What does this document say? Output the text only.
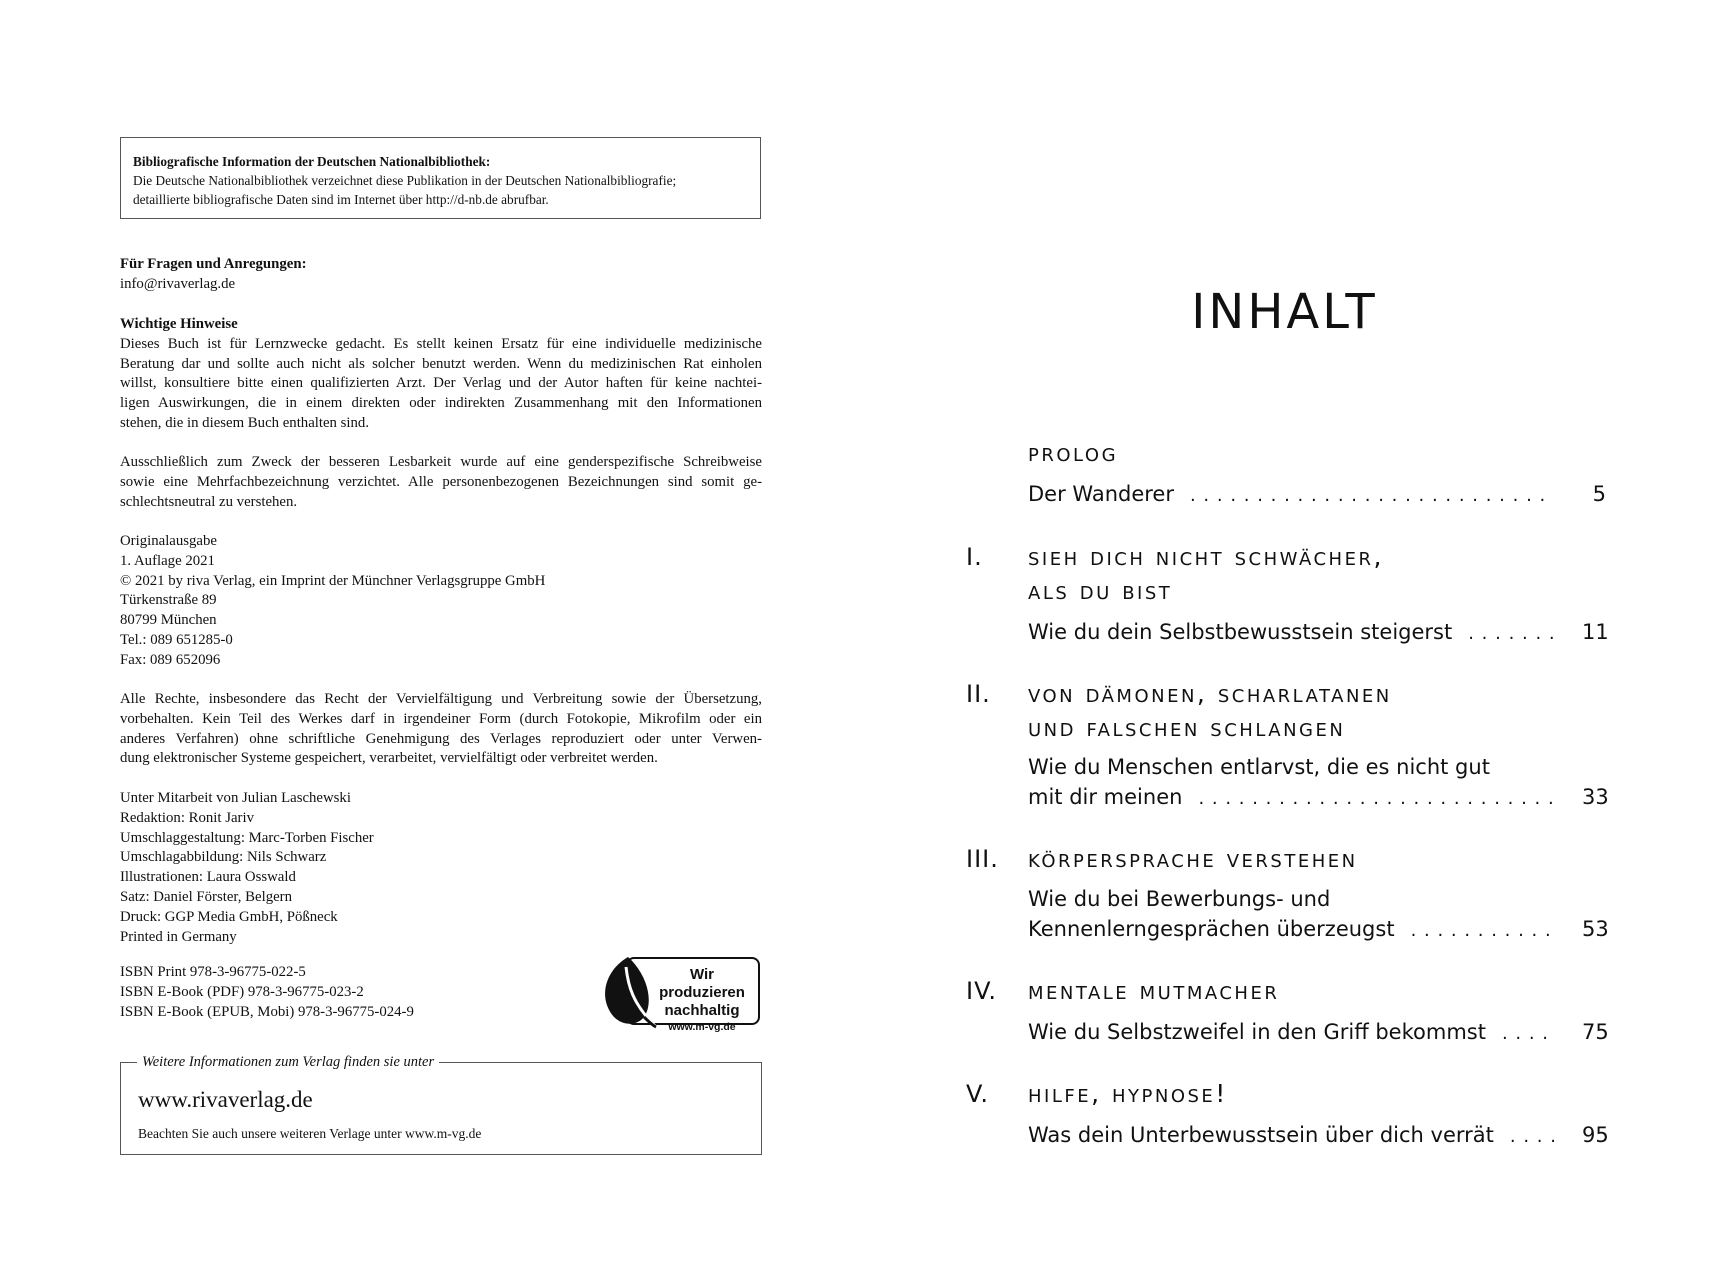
Bibliografische Information der Deutschen Nationalbibliothek:
Die Deutsche Nationalbibliothek verzeichnet diese Publikation in der Deutschen Nationalbibliografie;
detaillierte bibliografische Daten sind im Internet über http://d-nb.de abrufbar.
Für Fragen und Anregungen:
info@rivaverlag.de
Wichtige Hinweise
Dieses Buch ist für Lernzwecke gedacht. Es stellt keinen Ersatz für eine individuelle medizinische
Beratung dar und sollte auch nicht als solcher benutzt werden. Wenn du medizinischen Rat einholen
willst, konsultiere bitte einen qualifizierten Arzt. Der Verlag und der Autor haften für keine nachtei-
ligen Auswirkungen, die in einem direkten oder indirekten Zusammenhang mit den Informationen
stehen, die in diesem Buch enthalten sind.
Ausschließlich zum Zweck der besseren Lesbarkeit wurde auf eine genderspezifische Schreibweise
sowie eine Mehrfachbezeichnung verzichtet. Alle personenbezogenen Bezeichnungen sind somit ge-
schlechtsneutral zu verstehen.
Originalausgabe
1. Auflage 2021
© 2021 by riva Verlag, ein Imprint der Münchner Verlagsgruppe GmbH
Türkenstraße 89
80799 München
Tel.: 089 651285-0
Fax: 089 652096
Alle Rechte, insbesondere das Recht der Vervielfältigung und Verbreitung sowie der Übersetzung,
vorbehalten. Kein Teil des Werkes darf in irgendeiner Form (durch Fotokopie, Mikrofilm oder ein
anderes Verfahren) ohne schriftliche Genehmigung des Verlages reproduziert oder unter Verwen-
dung elektronischer Systeme gespeichert, verarbeitet, vervielfältigt oder verbreitet werden.
Unter Mitarbeit von Julian Laschewski
Redaktion: Ronit Jariv
Umschlaggestaltung: Marc-Torben Fischer
Umschlagabbildung: Nils Schwarz
Illustrationen: Laura Osswald
Satz: Daniel Förster, Belgern
Druck: GGP Media GmbH, Pößneck
Printed in Germany
ISBN Print 978-3-96775-022-5
ISBN E-Book (PDF) 978-3-96775-023-2
ISBN E-Book (EPUB, Mobi) 978-3-96775-024-9
Wir produzieren
nachhaltig
www.m-vg.de
Weitere Informationen zum Verlag finden sie unter
www.rivaverlag.de
Beachten Sie auch unsere weiteren Verlage unter www.m-vg.de
INHALT
prolog
Der Wanderer . . .	5
I. sieh dich nicht schwächer,
als du bist
Wie du dein Selbstbewusstsein steigerst . . .	11
II. von dämonen, scharlatanen
und falschen schlangen
Wie du Menschen entlarvst, die es nicht gut
mit dir meinen . . .	33
III. körpersprache verstehen
Wie du bei Bewerbungs- und
Kennenlerngesprächen überzeugst . . .	53
IV. mentale mutmacher
Wie du Selbstzweifel in den Griff bekommst . . .	75
V. hilfe, hypnose!
Was dein Unterbewusstsein über dich verrät . . .	95
